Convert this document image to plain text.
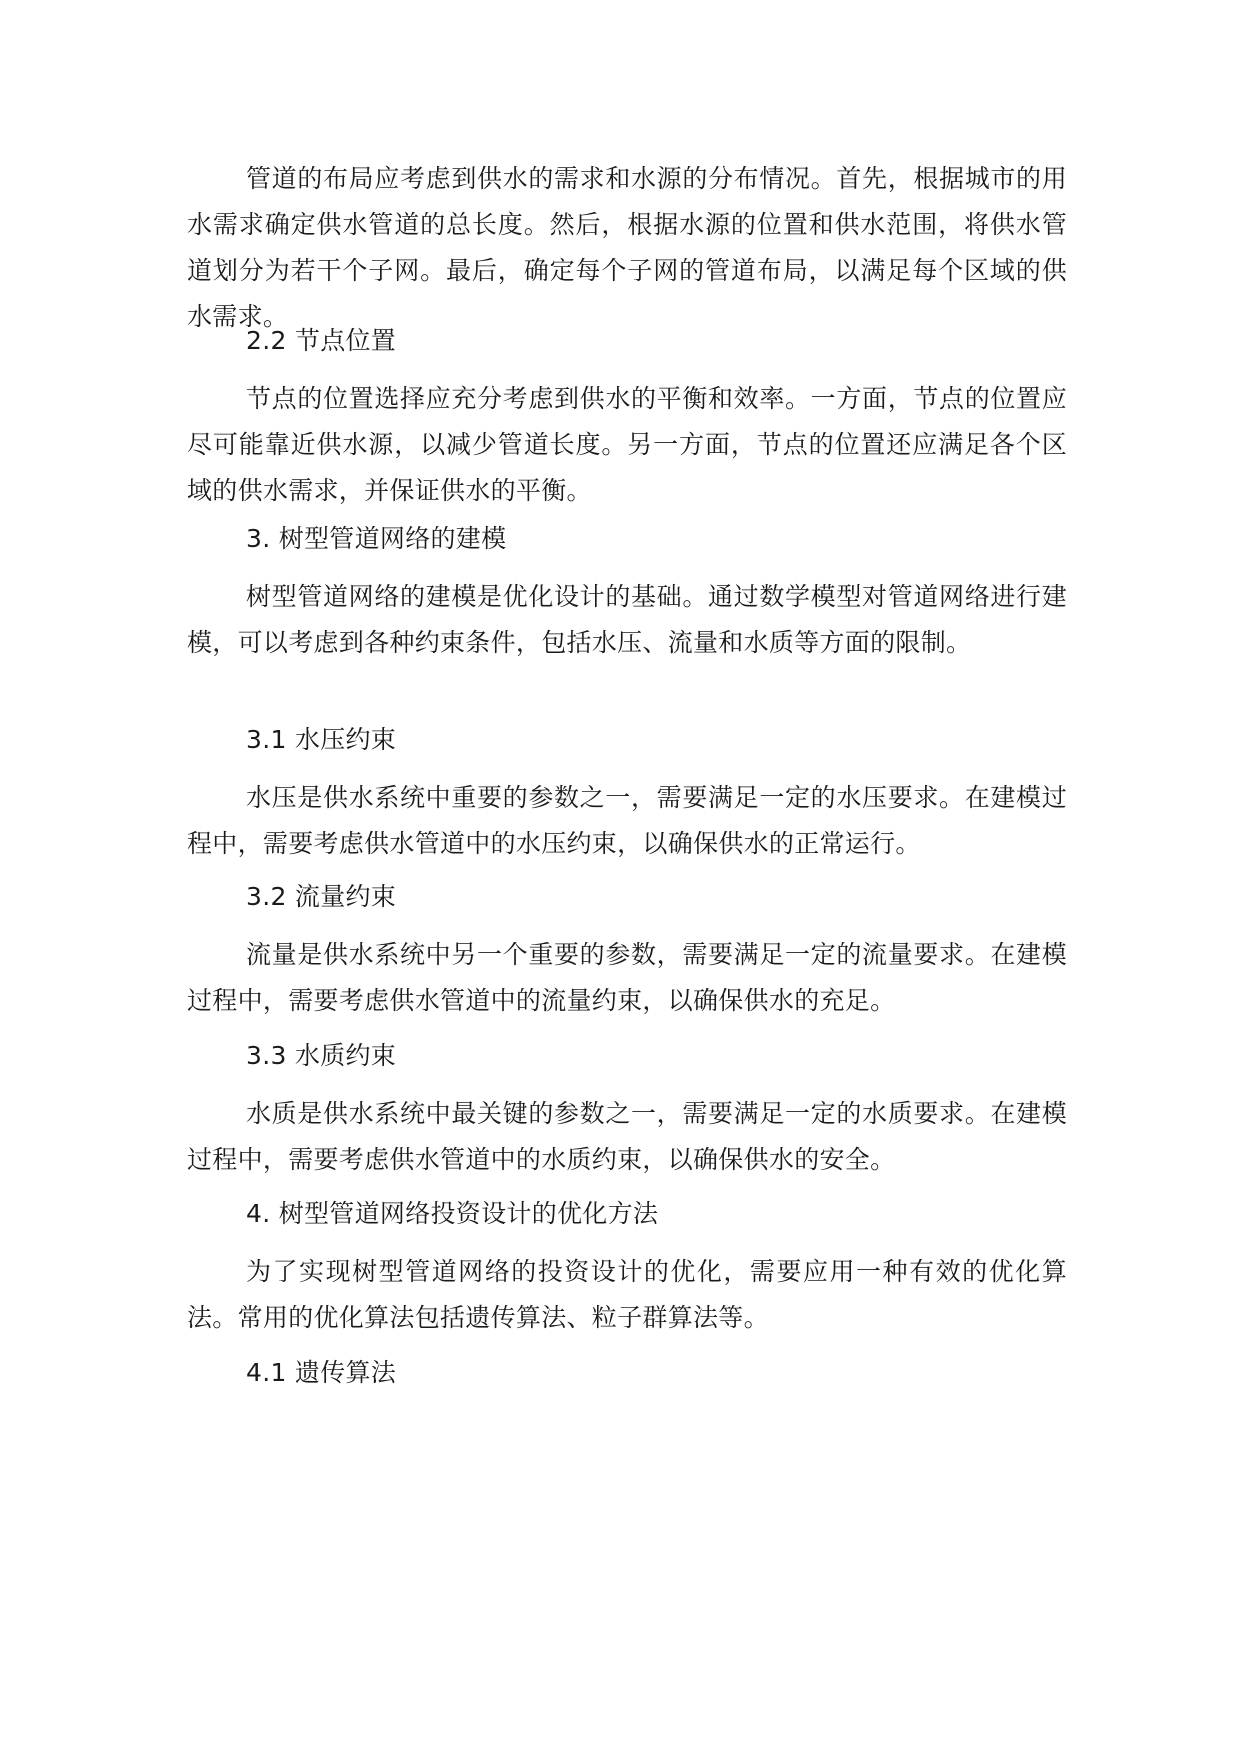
管道的布局应考虑到供水的需求和水源的分布情况。首先，根据城市的用水需求确定供水管道的总长度。然后，根据水源的位置和供水范围，将供水管道划分为若干个子网。最后，确定每个子网的管道布局，以满足每个区域的供水需求。

2.2 节点位置

节点的位置选择应充分考虑到供水的平衡和效率。一方面，节点的位置应尽可能靠近供水源，以减少管道长度。另一方面，节点的位置还应满足各个区域的供水需求，并保证供水的平衡。

3. 树型管道网络的建模

树型管道网络的建模是优化设计的基础。通过数学模型对管道网络进行建模，可以考虑到各种约束条件，包括水压、流量和水质等方面的限制。

3.1 水压约束

水压是供水系统中重要的参数之一，需要满足一定的水压要求。在建模过程中，需要考虑供水管道中的水压约束，以确保供水的正常运行。

3.2 流量约束

流量是供水系统中另一个重要的参数，需要满足一定的流量要求。在建模过程中，需要考虑供水管道中的流量约束，以确保供水的充足。

3.3 水质约束

水质是供水系统中最关键的参数之一，需要满足一定的水质要求。在建模过程中，需要考虑供水管道中的水质约束，以确保供水的安全。

4. 树型管道网络投资设计的优化方法

为了实现树型管道网络的投资设计的优化，需要应用一种有效的优化算法。常用的优化算法包括遗传算法、粒子群算法等。

4.1 遗传算法
